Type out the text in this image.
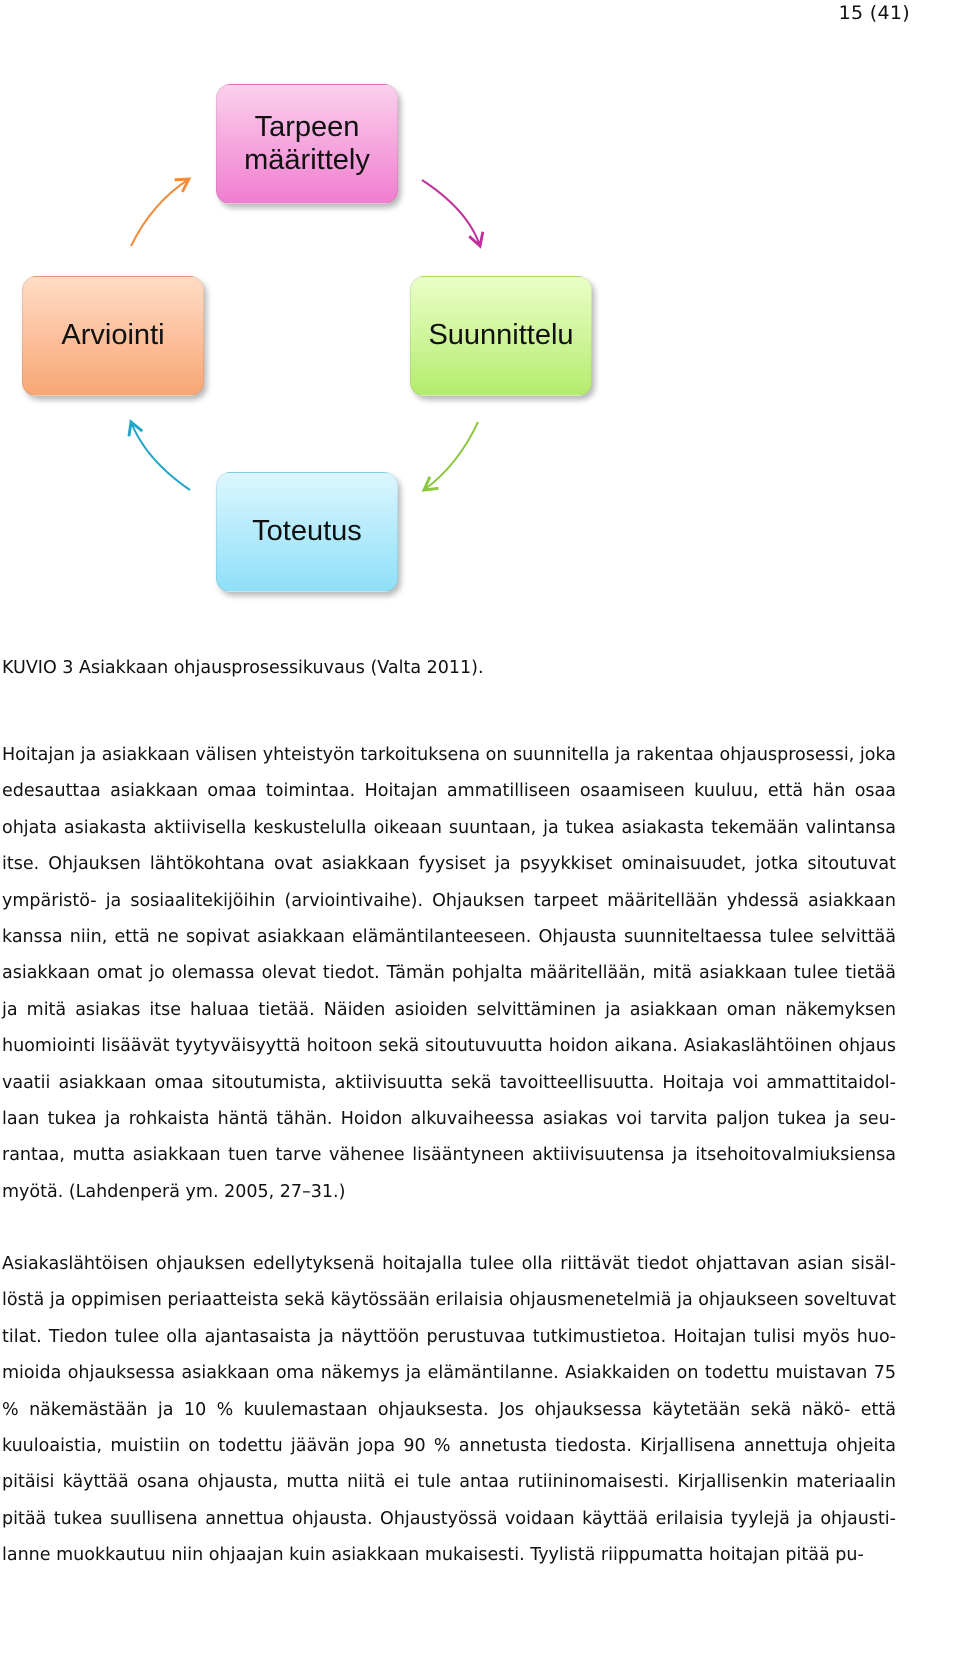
15 (41)
Tarpeen määrittely
Suunnittelu
Toteutus
Arviointi
KUVIO 3 Asiakkaan ohjausprosessikuvaus (Valta 2011).

Hoitajan ja asiakkaan välisen yhteistyön tarkoituksena on suunnitella ja rakentaa ohjausprosessi, joka edesauttaa asiakkaan omaa toimintaa. Hoitajan ammatilliseen osaamiseen kuuluu, että hän osaa ohjata asiakasta aktiivisella keskustelulla oikeaan suuntaan, ja tukea asiakasta tekemään valintansa itse. Ohjauksen lähtökohtana ovat asiakkaan fyysiset ja psyykkiset ominaisuudet, jotka sitoutuvat ympäristö- ja sosiaalitekijöihin (arviointivaihe). Ohjauksen tarpeet määritellään yhdessä asiakkaan kanssa niin, että ne sopivat asiakkaan elämäntilanteeseen. Ohjausta suunniteltaessa tulee selvittää asiakkaan omat jo olemassa olevat tiedot. Tämän pohjalta määritellään, mitä asiakkaan tulee tietää ja mitä asiakas itse haluaa tietää. Näiden asioiden selvittäminen ja asiakkaan oman näkemyksen huomiointi lisäävät tyytyväisyyttä hoitoon sekä sitoutuvuutta hoidon aikana. Asiakaslähtöinen ohjaus vaatii asiakkaan omaa sitoutumista, aktiivisuutta sekä tavoitteellisuutta. Hoitaja voi ammattitaidollaan tukea ja rohkaista häntä tähän. Hoidon alkuvaiheessa asiakas voi tarvita paljon tukea ja seurantaa, mutta asiakkaan tuen tarve vähenee lisääntyneen aktiivisuutensa ja itsehoitovalmiuksiensa myötä. (Lahdenperä ym. 2005, 27–31.)

Asiakaslähtöisen ohjauksen edellytyksenä hoitajalla tulee olla riittävät tiedot ohjattavan asian sisällöstä ja oppimisen periaatteista sekä käytössään erilaisia ohjausmenetelmiä ja ohjaukseen soveltuvat tilat. Tiedon tulee olla ajantasaista ja näyttöön perustuvaa tutkimustietoa. Hoitajan tulisi myös huomioida ohjauksessa asiakkaan oma näkemys ja elämäntilanne. Asiakkaiden on todettu muistavan 75 % näkemästään ja 10 % kuulemastaan ohjauksesta. Jos ohjauksessa käytetään sekä näkö- että kuuloaistia, muistiin on todettu jäävän jopa 90 % annetusta tiedosta. Kirjallisena annettuja ohjeita pitäisi käyttää osana ohjausta, mutta niitä ei tule antaa rutiininomaisesti. Kirjallisenkin materiaalin pitää tukea suullisena annettua ohjausta. Ohjaustyössä voidaan käyttää erilaisia tyylejä ja ohjaustilanne muokkautuu niin ohjaajan kuin asiakkaan mukaisesti. Tyylistä riippumatta hoitajan pitää pu-
